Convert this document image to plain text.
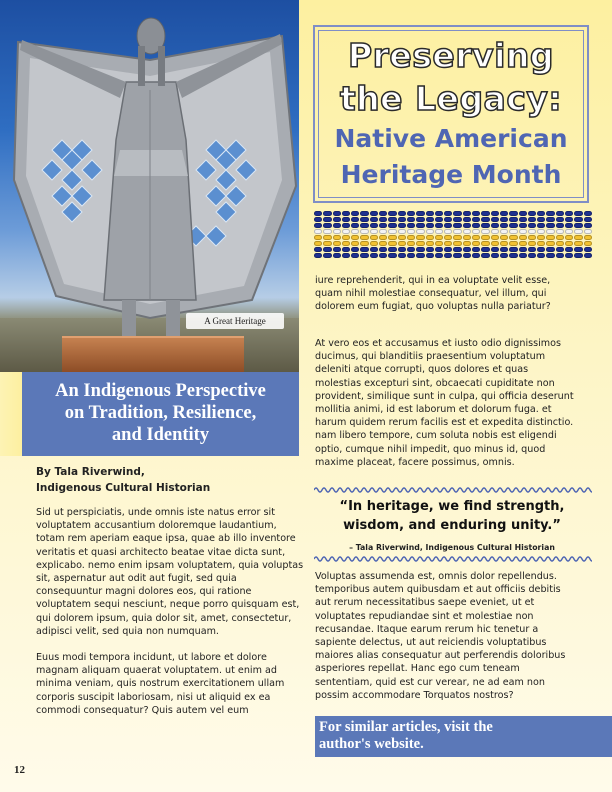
A Great Heritage
Preserving
the Legacy:
Native American
Heritage Month
An Indigenous Perspective
on Tradition, Resilience,
and Identity
By Tala Riverwind,
Indigenous Cultural Historian

Sid ut perspiciatis, unde omnis iste natus error sit voluptatem accusantium doloremque laudantium, totam rem aperiam eaque ipsa, quae ab illo inventore veritatis et quasi architecto beatae vitae dicta sunt, explicabo. nemo enim ipsam voluptatem, quia voluptas sit, aspernatur aut odit aut fugit, sed quia consequuntur magni dolores eos, qui ratione voluptatem sequi nesciunt, neque porro quisquam est, qui dolorem ipsum, quia dolor sit, amet, consectetur, adipisci velit, sed quia non numquam.

Euus modi tempora incidunt, ut labore et dolore magnam aliquam quaerat voluptatem. ut enim ad minima veniam, quis nostrum exercitationem ullam corporis suscipit laboriosam, nisi ut aliquid ex ea commodi consequatur? Quis autem vel eum

iure reprehenderit, qui in ea voluptate velit esse, quam nihil molestiae consequatur, vel illum, qui dolorem eum fugiat, quo voluptas nulla pariatur?
At vero eos et accusamus et iusto odio dignissimos ducimus, qui blanditiis praesentium voluptatum deleniti atque corrupti, quos dolores et quas molestias excepturi sint, obcaecati cupiditate non provident, similique sunt in culpa, qui officia deserunt mollitia animi, id est laborum et dolorum fuga. et harum quidem rerum facilis est et expedita distinctio. nam libero tempore, cum soluta nobis est eligendi optio, cumque nihil impedit, quo minus id, quod maxime placeat, facere possimus, omnis.
“In heritage, we find strength,
wisdom, and enduring unity.”
– Tala Riverwind, Indigenous Cultural Historian
Voluptas assumenda est, omnis dolor repellendus. temporibus autem quibusdam et aut officiis debitis aut rerum necessitatibus saepe eveniet, ut et voluptates repudiandae sint et molestiae non recusandae. Itaque earum rerum hic tenetur a sapiente delectus, ut aut reiciendis voluptatibus maiores alias consequatur aut perferendis doloribus asperiores repellat. Hanc ego cum teneam sententiam, quid est cur verear, ne ad eam non possim accommodare Torquatos nostros?
For similar articles, visit the
author's website.
12
